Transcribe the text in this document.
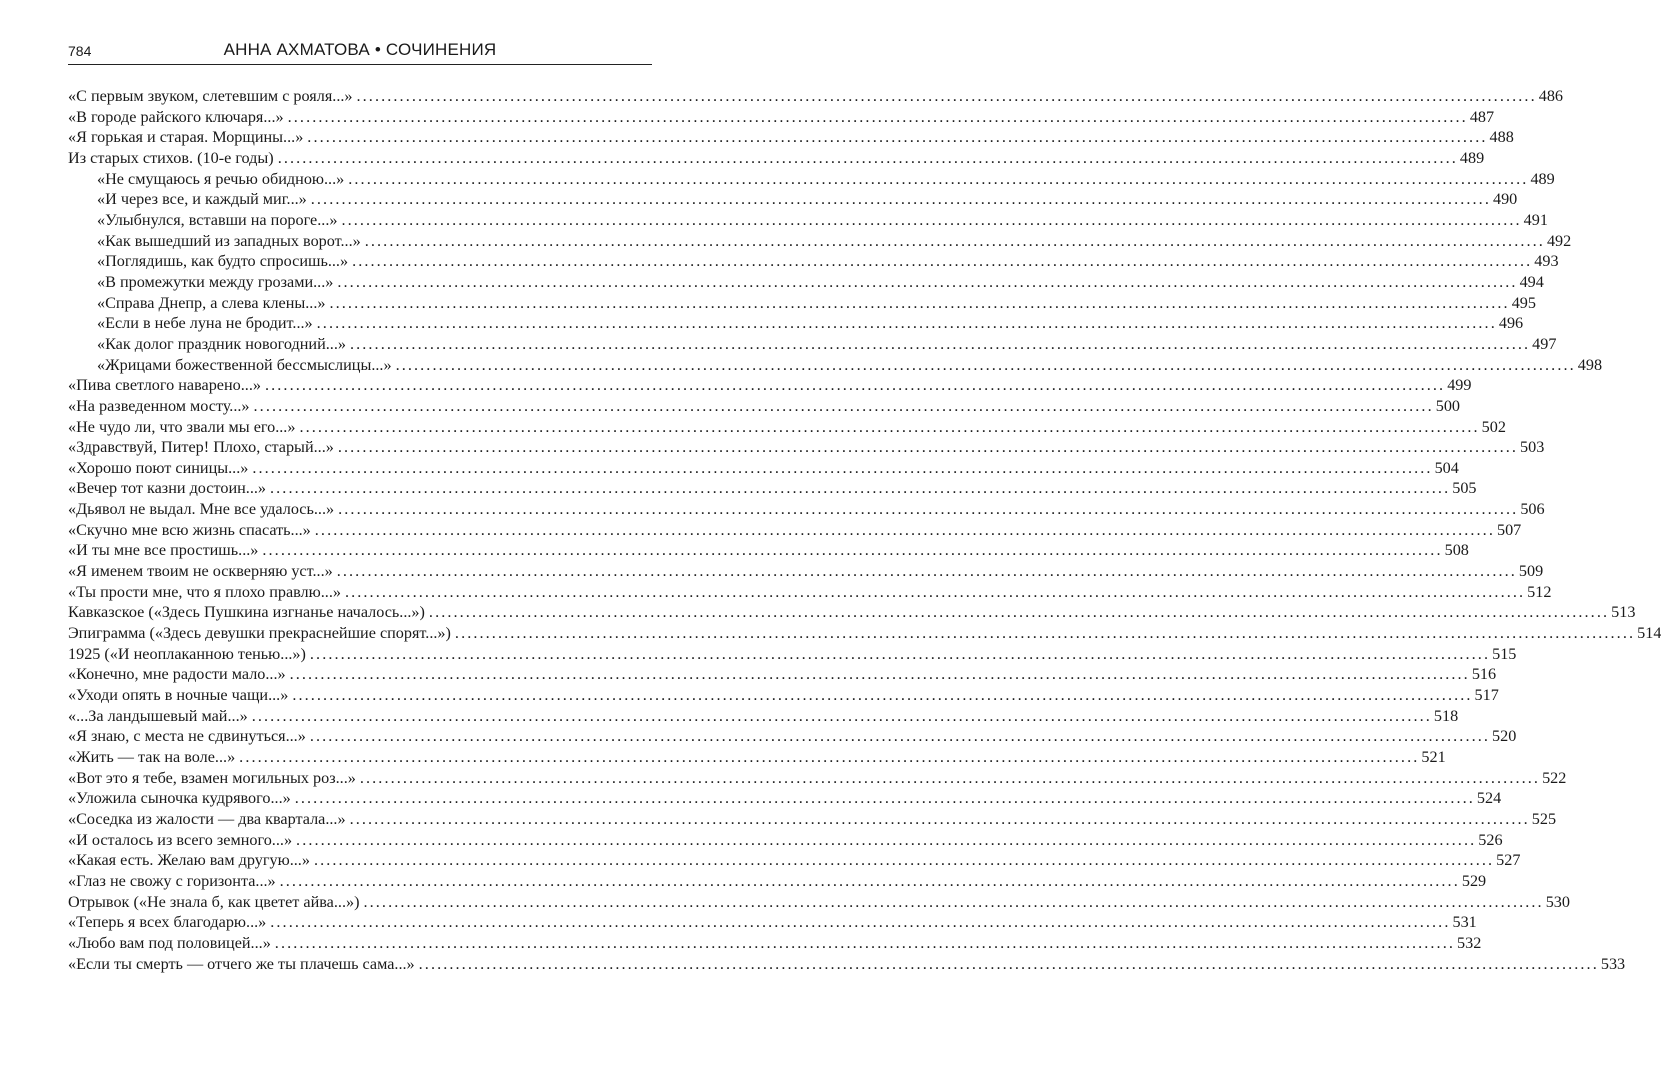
784	АННА АХМАТОВА • СОЧИНЕНИЯ
«С первым звуком, слетевшим с рояля...» ................................................................................................................................................................................................ 486
«В городе райского ключаря...» ................................................................................................................................................................................................ 487
«Я горькая и старая. Морщины...» ................................................................................................................................................................................................ 488
Из старых стихов. (10-е годы) ................................................................................................................................................................................................ 489
«Не смущаюсь я речью обидною...» ................................................................................................................................................................................................ 489
«И через все, и каждый миг...» ................................................................................................................................................................................................ 490
«Улыбнулся, вставши на пороге...» ................................................................................................................................................................................................ 491
«Как вышедший из западных ворот...» ................................................................................................................................................................................................ 492
«Поглядишь, как будто спросишь...» ................................................................................................................................................................................................ 493
«В промежутки между грозами...» ................................................................................................................................................................................................ 494
«Справа Днепр, а слева клены...» ................................................................................................................................................................................................ 495
«Если в небе луна не бродит...» ................................................................................................................................................................................................ 496
«Как долог праздник новогодний...» ................................................................................................................................................................................................ 497
«Жрицами божественной бессмыслицы...» ................................................................................................................................................................................................ 498
«Пива светлого наварено...» ................................................................................................................................................................................................ 499
«На разведенном мосту...» ................................................................................................................................................................................................ 500
«Не чудо ли, что звали мы его...» ................................................................................................................................................................................................ 502
«Здравствуй, Питер! Плохо, старый...» ................................................................................................................................................................................................ 503
«Хорошо поют синицы...» ................................................................................................................................................................................................ 504
«Вечер тот казни достоин...» ................................................................................................................................................................................................ 505
«Дьявол не выдал. Мне все удалось...» ................................................................................................................................................................................................ 506
«Скучно мне всю жизнь спасать...» ................................................................................................................................................................................................ 507
«И ты мне все простишь...» ................................................................................................................................................................................................ 508
«Я именем твоим не оскверняю уст...» ................................................................................................................................................................................................ 509
«Ты прости мне, что я плохо правлю...» ................................................................................................................................................................................................ 512
Кавказское («Здесь Пушкина изгнанье началось...») ................................................................................................................................................................................................ 513
Эпиграмма («Здесь девушки прекраснейшие спорят...») ................................................................................................................................................................................................ 514
1925 («И неоплаканною тенью...») ................................................................................................................................................................................................ 515
«Конечно, мне радости мало...» ................................................................................................................................................................................................ 516
«Уходи опять в ночные чащи...» ................................................................................................................................................................................................ 517
«...За ландышевый май...» ................................................................................................................................................................................................ 518
«Я знаю, с места не сдвинуться...» ................................................................................................................................................................................................ 520
«Жить — так на воле...» ................................................................................................................................................................................................ 521
«Вот это я тебе, взамен могильных роз...» ................................................................................................................................................................................................ 522
«Уложила сыночка кудрявого...» ................................................................................................................................................................................................ 524
«Соседка из жалости — два квартала...» ................................................................................................................................................................................................ 525
«И осталось из всего земного...» ................................................................................................................................................................................................ 526
«Какая есть. Желаю вам другую...» ................................................................................................................................................................................................ 527
«Глаз не свожу с горизонта...» ................................................................................................................................................................................................ 529
Отрывок («Не знала б, как цветет айва...») ................................................................................................................................................................................................ 530
«Теперь я всех благодарю...» ................................................................................................................................................................................................ 531
«Любо вам под половицей...» ................................................................................................................................................................................................ 532
«Если ты смерть — отчего же ты плачешь сама...» ................................................................................................................................................................................................ 533
